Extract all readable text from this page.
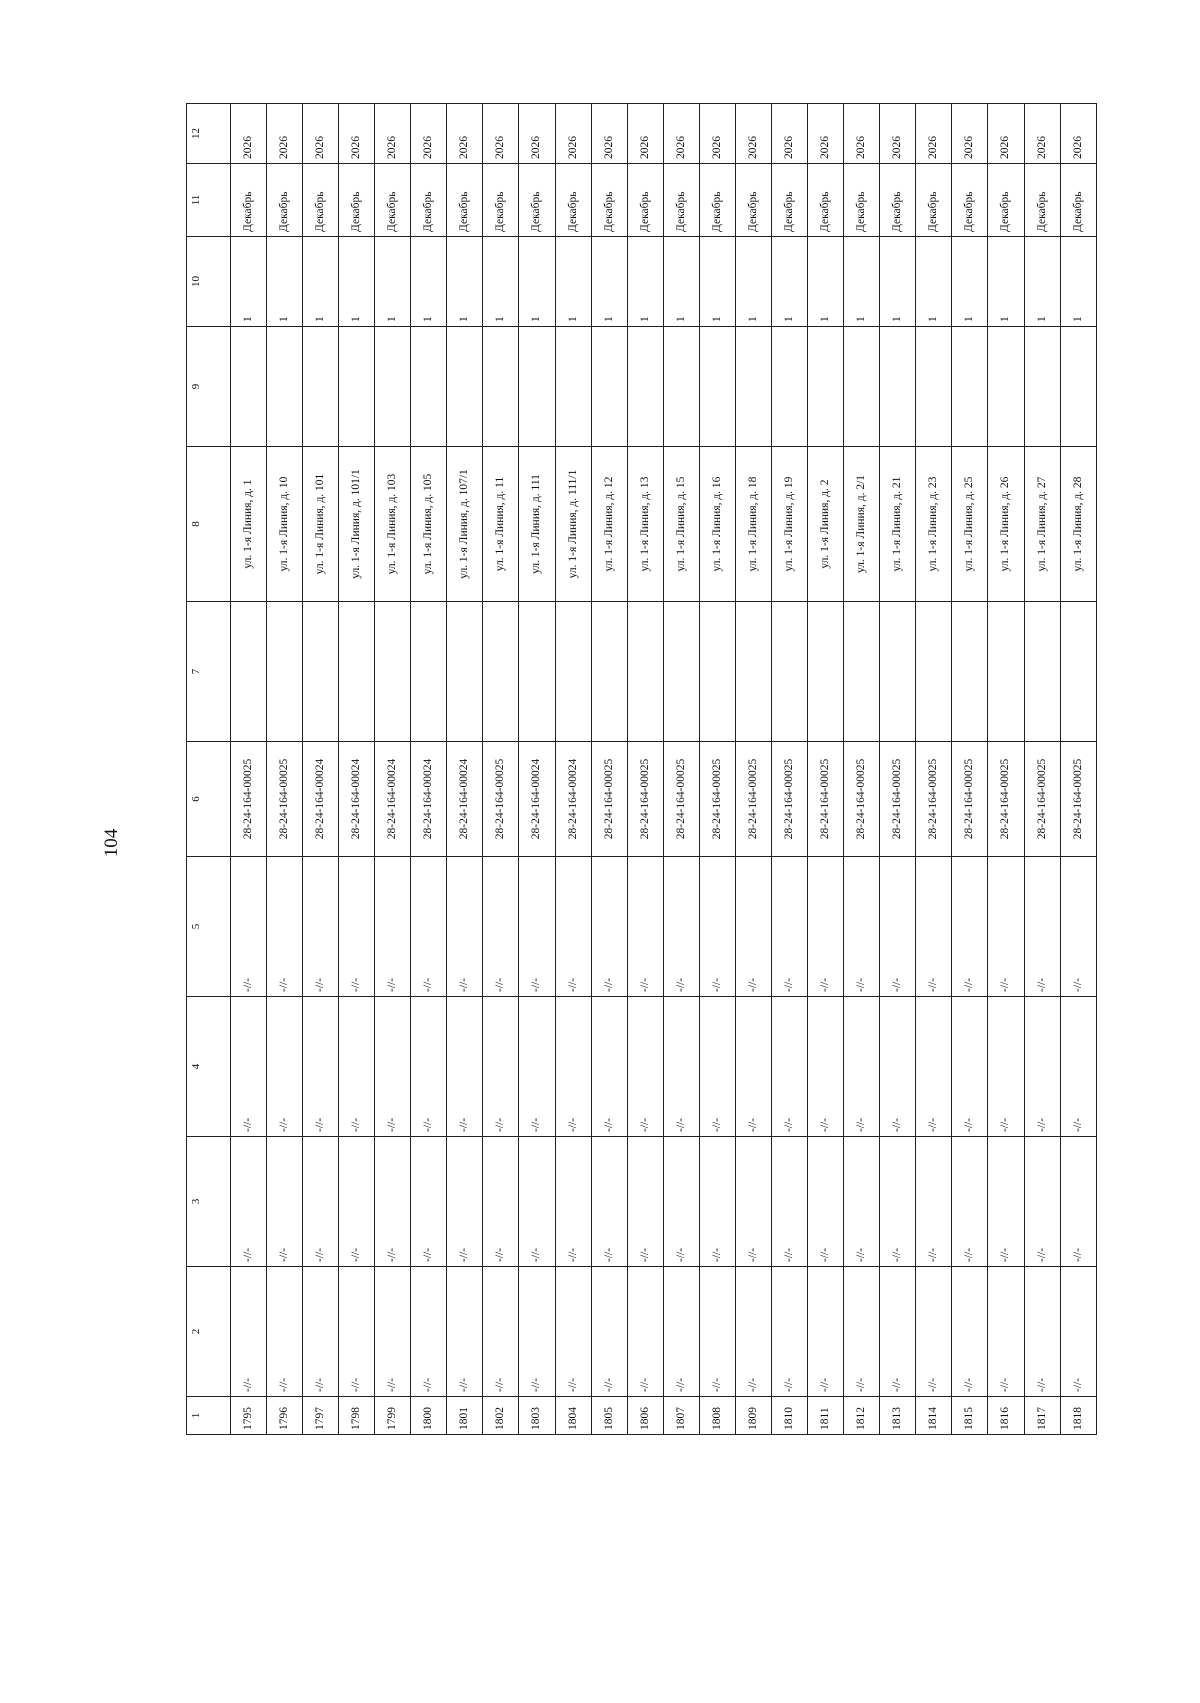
104
1	2	3	4	5	6	7	8	9	10	11	12
1795	-//-	-//-	-//-	-//-	28-24-164-00025		ул. 1-я Линия, д. 1		1	Декабрь	2026
1796	-//-	-//-	-//-	-//-	28-24-164-00025		ул. 1-я Линия, д. 10		1	Декабрь	2026
1797	-//-	-//-	-//-	-//-	28-24-164-00024		ул. 1-я Линия, д. 101		1	Декабрь	2026
1798	-//-	-//-	-//-	-//-	28-24-164-00024		ул. 1-я Линия, д. 101/1		1	Декабрь	2026
1799	-//-	-//-	-//-	-//-	28-24-164-00024		ул. 1-я Линия, д. 103		1	Декабрь	2026
1800	-//-	-//-	-//-	-//-	28-24-164-00024		ул. 1-я Линия, д. 105		1	Декабрь	2026
1801	-//-	-//-	-//-	-//-	28-24-164-00024		ул. 1-я Линия, д. 107/1		1	Декабрь	2026
1802	-//-	-//-	-//-	-//-	28-24-164-00025		ул. 1-я Линия, д. 11		1	Декабрь	2026
1803	-//-	-//-	-//-	-//-	28-24-164-00024		ул. 1-я Линия, д. 111		1	Декабрь	2026
1804	-//-	-//-	-//-	-//-	28-24-164-00024		ул. 1-я Линия, д. 111/1		1	Декабрь	2026
1805	-//-	-//-	-//-	-//-	28-24-164-00025		ул. 1-я Линия, д. 12		1	Декабрь	2026
1806	-//-	-//-	-//-	-//-	28-24-164-00025		ул. 1-я Линия, д. 13		1	Декабрь	2026
1807	-//-	-//-	-//-	-//-	28-24-164-00025		ул. 1-я Линия, д. 15		1	Декабрь	2026
1808	-//-	-//-	-//-	-//-	28-24-164-00025		ул. 1-я Линия, д. 16		1	Декабрь	2026
1809	-//-	-//-	-//-	-//-	28-24-164-00025		ул. 1-я Линия, д. 18		1	Декабрь	2026
1810	-//-	-//-	-//-	-//-	28-24-164-00025		ул. 1-я Линия, д. 19		1	Декабрь	2026
1811	-//-	-//-	-//-	-//-	28-24-164-00025		ул. 1-я Линия, д. 2		1	Декабрь	2026
1812	-//-	-//-	-//-	-//-	28-24-164-00025		ул. 1-я Линия, д. 2/1		1	Декабрь	2026
1813	-//-	-//-	-//-	-//-	28-24-164-00025		ул. 1-я Линия, д. 21		1	Декабрь	2026
1814	-//-	-//-	-//-	-//-	28-24-164-00025		ул. 1-я Линия, д. 23		1	Декабрь	2026
1815	-//-	-//-	-//-	-//-	28-24-164-00025		ул. 1-я Линия, д. 25		1	Декабрь	2026
1816	-//-	-//-	-//-	-//-	28-24-164-00025		ул. 1-я Линия, д. 26		1	Декабрь	2026
1817	-//-	-//-	-//-	-//-	28-24-164-00025		ул. 1-я Линия, д. 27		1	Декабрь	2026
1818	-//-	-//-	-//-	-//-	28-24-164-00025		ул. 1-я Линия, д. 28		1	Декабрь	2026
